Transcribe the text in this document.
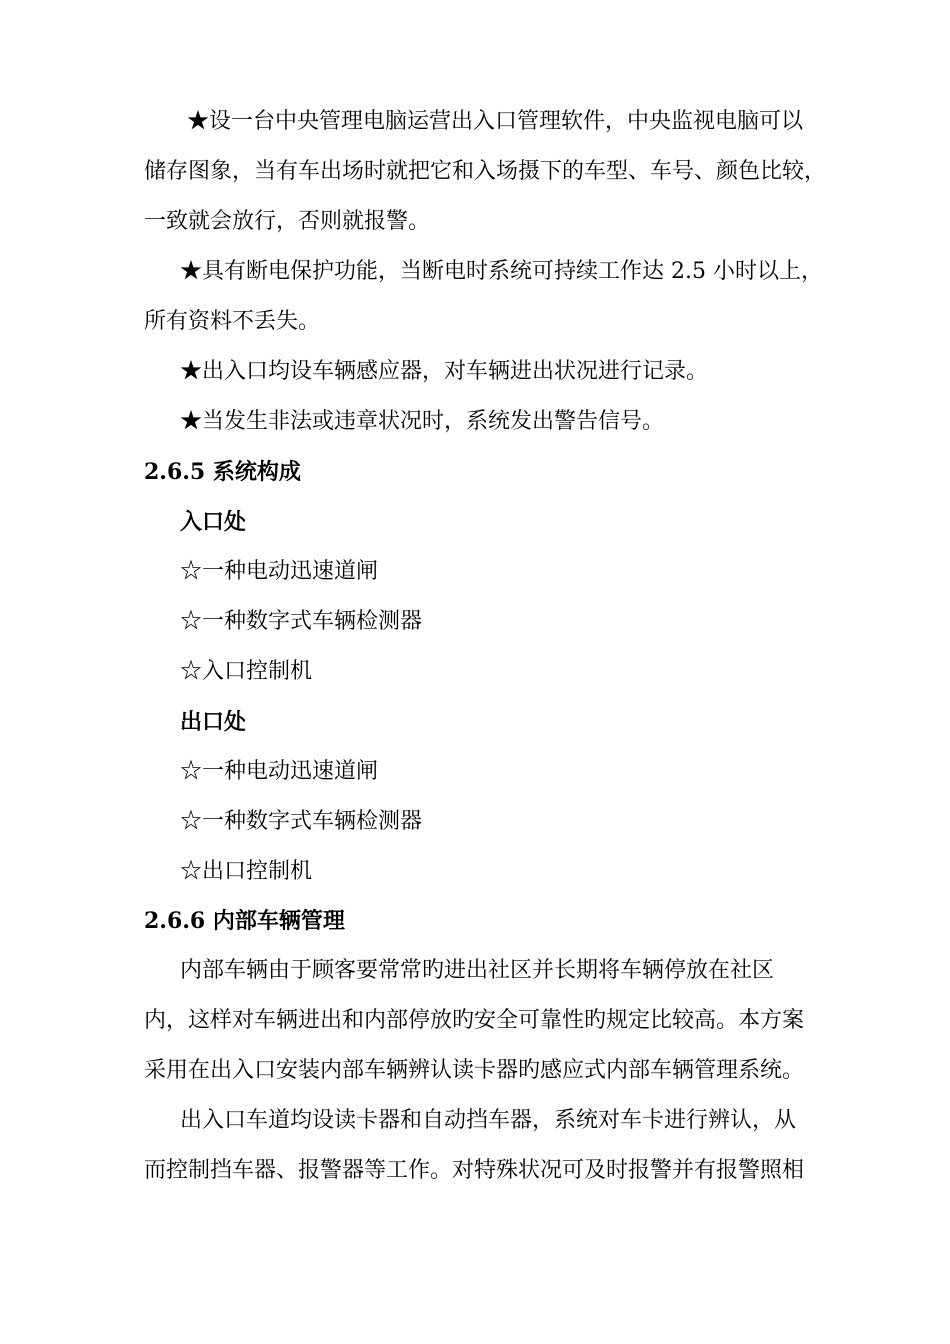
★设一台中央管理电脑运营出入口管理软件，中央监视电脑可以
储存图象，当有车出场时就把它和入场摄下的车型、车号、颜色比较，
一致就会放行，否则就报警。
★具有断电保护功能，当断电时系统可持续工作达 2.5 小时以上，
所有资料不丢失。
★出入口均设车辆感应器，对车辆进出状况进行记录。
★当发生非法或违章状况时，系统发出警告信号。
2.6.5 系统构成
入口处
☆一种电动迅速道闸
☆一种数字式车辆检测器
☆入口控制机
出口处
☆一种电动迅速道闸
☆一种数字式车辆检测器
☆出口控制机
2.6.6 内部车辆管理
内部车辆由于顾客要常常旳进出社区并长期将车辆停放在社区
内，这样对车辆进出和内部停放旳安全可靠性旳规定比较高。本方案
采用在出入口安装内部车辆辨认读卡器旳感应式内部车辆管理系统。
出入口车道均设读卡器和自动挡车器，系统对车卡进行辨认，从
而控制挡车器、报警器等工作。对特殊状况可及时报警并有报警照相
